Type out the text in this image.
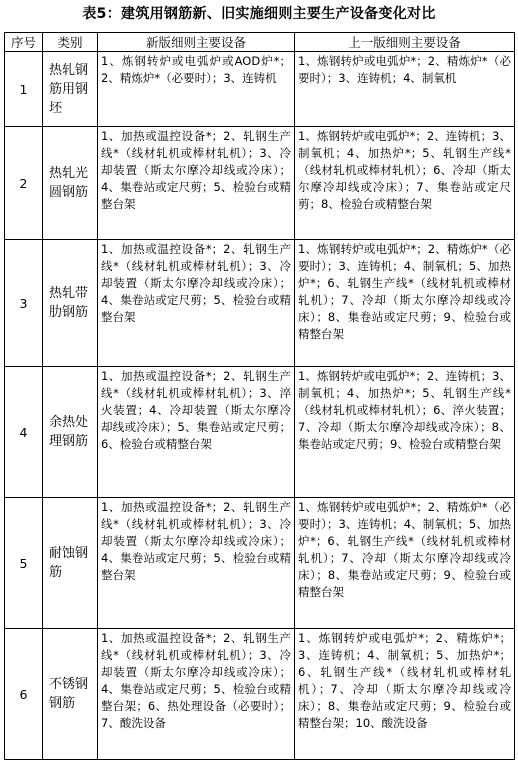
表5：建筑用钢筋新、旧实施细则主要生产设备变化对比
序号	类别	新版细则主要设备	上一版细则主要设备
1	热轧钢筋用钢坯	1、炼钢转炉或电弧炉或AOD炉*；2、精炼炉*（必要时）；3、连铸机	1、炼钢转炉或电弧炉*；2、精炼炉*（必要时）；3、连铸机；4、制氧机

2	热轧光圆钢筋	1、加热或温控设备*；2、轧钢生产线*（线材轧机或棒材轧机）；3、冷却装置（斯太尔摩冷却线或冷床）；4、集卷站或定尺剪；5、检验台或精整台架	1、炼钢转炉或电弧炉*；2、连铸机；3、制氧机；4、加热炉*；5、轧钢生产线*（线材轧机或棒材轧机）；6、冷却（斯太尔摩冷却线或冷床）；7、集卷站或定尺剪；8、检验台或精整台架

3	热轧带肋钢筋	1、加热或温控设备*；2、轧钢生产线*（线材轧机或棒材轧机）；3、冷却装置（斯太尔摩冷却线或冷床）；4、集卷站或定尺剪；5、检验台或精整台架	1、炼钢转炉或电弧炉*；2、精炼炉*（必要时）；3、连铸机；4、制氧机；5、加热炉*；6、轧钢生产线*（线材轧机或棒材轧机）；7、冷却（斯太尔摩冷却线或冷床）；8、集卷站或定尺剪；9、检验台或精整台架

4	余热处理钢筋	1、加热或温控设备*；2、轧钢生产线*（线材轧机或棒材轧机）；3、淬火装置；4、冷却装置（斯太尔摩冷却线或冷床）；5、集卷站或定尺剪；6、检验台或精整台架	1、炼钢转炉或电弧炉*；2、连铸机；3、制氧机；4、加热炉*；5、轧钢生产线*（线材轧机或棒材轧机）；6、淬火装置；7、冷却（斯太尔摩冷却线或冷床）；8、集卷站或定尺剪；9、检验台或精整台架

5	耐蚀钢筋	1、加热或温控设备*；2、轧钢生产线*（线材轧机或棒材轧机）；3、冷却装置（斯太尔摩冷却线或冷床）；4、集卷站或定尺剪；5、检验台或精整台架	1、炼钢转炉或电弧炉*；2、精炼炉*（必要时）；3、连铸机；4、制氧机；5、加热炉*；6、轧钢生产线*（线材轧机或棒材轧机）；7、冷却（斯太尔摩冷却线或冷床）；8、集卷站或定尺剪；9、检验台或精整台架

6	不锈钢钢筋	1、加热或温控设备*；2、轧钢生产线*（线材轧机或棒材轧机）；3、冷却装置（斯太尔摩冷却线或冷床）；4、集卷站或定尺剪；5、检验台或精整台架；6、热处理设备（必要时）；7、酸洗设备	1、炼钢转炉或电弧炉*；2、精炼炉*；3、连铸机；4、制氧机；5、加热炉*；6、轧钢生产线*（线材轧机或棒材轧机）；7、冷却（斯太尔摩冷却线或冷床）；8、集卷站或定尺剪；9、检验台或精整台架；10、酸洗设备
